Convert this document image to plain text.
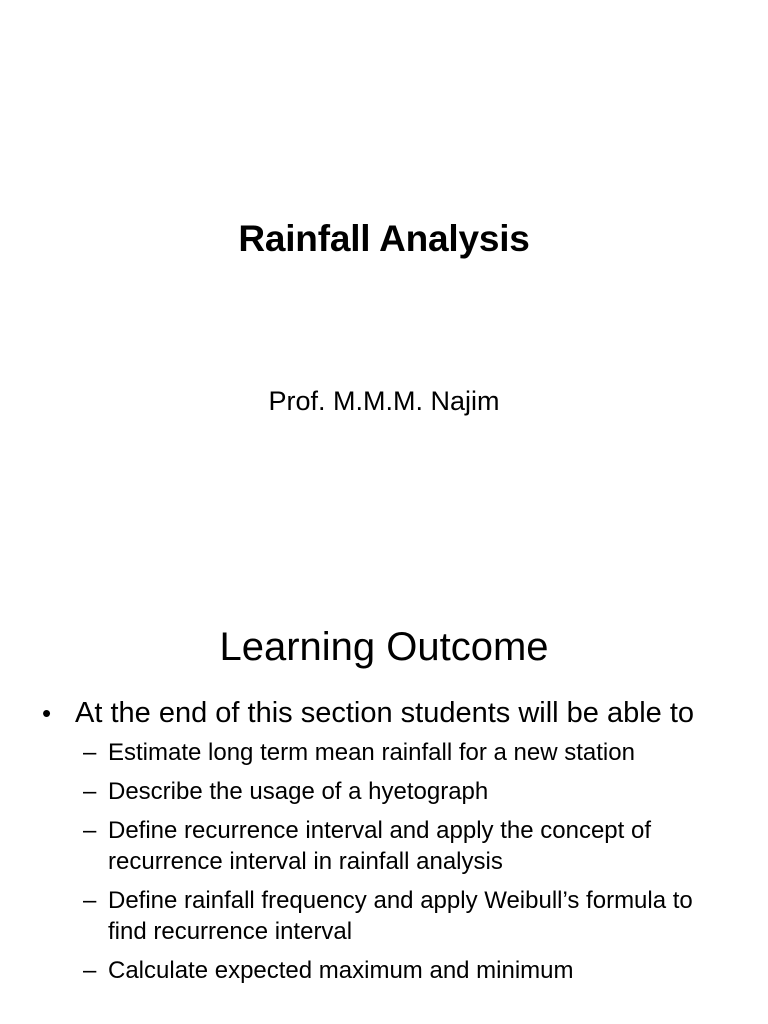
Rainfall Analysis
Prof. M.M.M. Najim
Learning Outcome
• At the end of this section students will be able to
– Estimate long term mean rainfall for a new station
– Describe the usage of a hyetograph
– Define recurrence interval and apply the concept of recurrence interval in rainfall analysis
– Define rainfall frequency and apply Weibull’s formula to find recurrence interval
– Calculate expected maximum and minimum
